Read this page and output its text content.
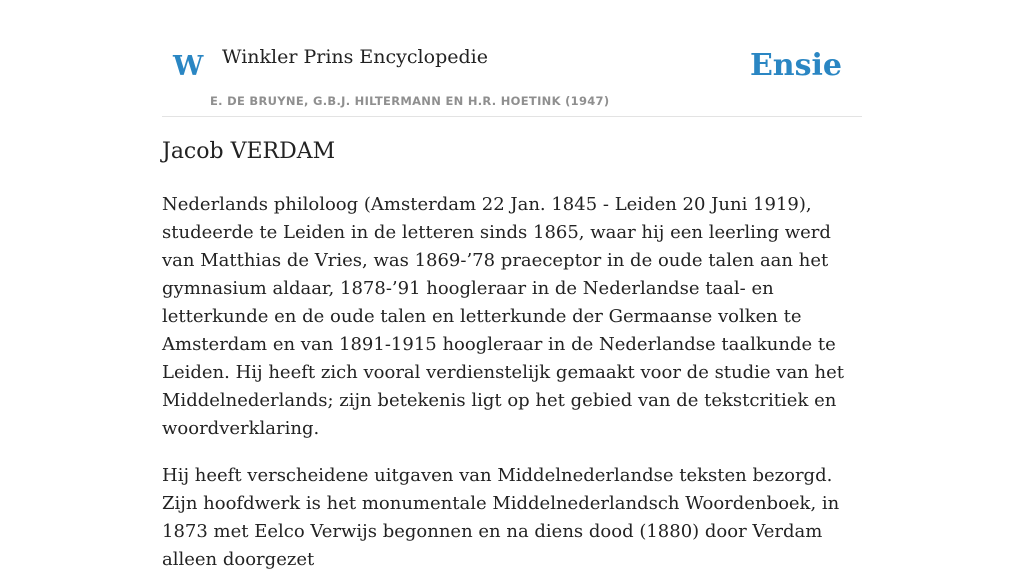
W Winkler Prins Encyclopedie
E. DE BRUYNE, G.B.J. HILTERMANN EN H.R. HOETINK (1947)
Ensie
Jacob VERDAM

Nederlands philoloog (Amsterdam 22 Jan. 1845 - Leiden 20 Juni 1919), studeerde te Leiden in de letteren sinds 1865, waar hij een leerling werd van Matthias de Vries, was 1869-’78 praeceptor in de oude talen aan het gymnasium aldaar, 1878-’91 hoogleraar in de Nederlandse taal- en letterkunde en de oude talen en letterkunde der Germaanse volken te Amsterdam en van 1891-1915 hoogleraar in de Nederlandse taalkunde te Leiden. Hij heeft zich vooral verdienstelijk gemaakt voor de studie van het Middelnederlands; zijn betekenis ligt op het gebied van de tekstcritiek en woordverklaring.

Hij heeft verscheidene uitgaven van Middelnederlandse teksten bezorgd. Zijn hoofdwerk is het monumentale Middelnederlandsch Woordenboek, in 1873 met Eelco Verwijs begonnen en na diens dood (1880) door Verdam alleen doorgezet
